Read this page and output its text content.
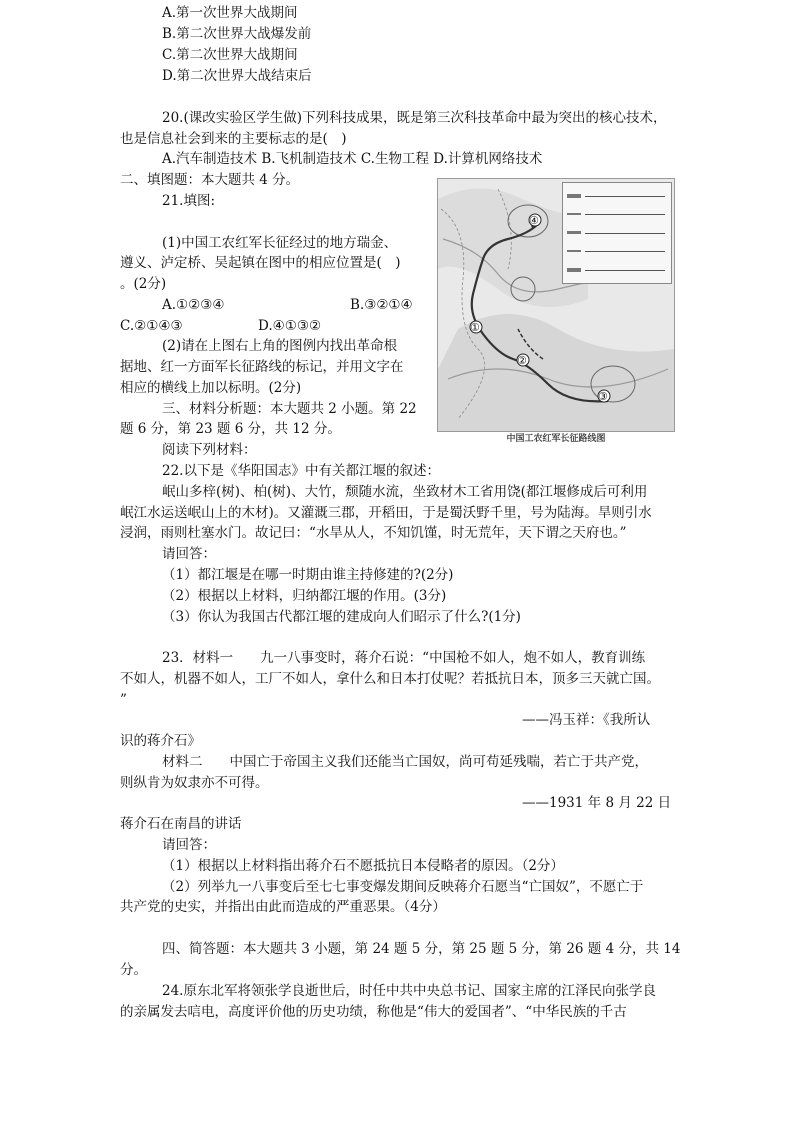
A.第一次世界大战期间
B.第二次世界大战爆发前
C.第二次世界大战期间
D.第二次世界大战结束后
20.(课改实验区学生做)下列科技成果，既是第三次科技革命中最为突出的核心技术，
也是信息社会到来的主要标志的是(　)
A.汽车制造技术 B.飞机制造技术 C.生物工程 D.计算机网络技术
二、填图题：本大题共 4 分。
21.填图:
(1)中国工农红军长征经过的地方瑞金、
遵义、泸定桥、吴起镇在图中的相应位置是(　)
。(2分)
A.①②③④	B.③②①④
C.②①④③	D.④①③②
(2)请在上图右上角的图例内找出革命根
据地、红一方面军长征路线的标记，并用文字在
相应的横线上加以标明。(2分)
三、材料分析题：本大题共 2 小题。第 22
题 6 分，第 23 题 6 分，共 12 分。
阅读下列材料：
22.以下是《华阳国志》中有关都江堰的叙述：
岷山多梓(树)、柏(树)、大竹，颓随水流，坐致材木工省用饶(都江堰修成后可利用
岷江水运送岷山上的木材)。又灌溉三郡，开稻田，于是蜀沃野千里，号为陆海。旱则引水
浸润，雨则杜塞水门。故记曰：“水旱从人，不知饥馑，时无荒年，天下谓之天府也。”
请回答：
（1）都江堰是在哪一时期由谁主持修建的?(2分)
（2）根据以上材料，归纳都江堰的作用。(3分)
（3）你认为我国古代都江堰的建成向人们昭示了什么?(1分)
23．材料一　　九一八事变时，蒋介石说：“中国枪不如人，炮不如人，教育训练
不如人，机器不如人，工厂不如人，拿什么和日本打仗呢？若抵抗日本，顶多三天就亡国。
”
——冯玉祥：《我所认
识的蒋介石》
材料二　　中国亡于帝国主义我们还能当亡国奴，尚可苟延残喘，若亡于共产党，
则纵肯为奴隶亦不可得。
——1931 年 8 月 22 日
蒋介石在南昌的讲话
请回答：
（1）根据以上材料指出蒋介石不愿抵抗日本侵略者的原因。（2分）
（2）列举九一八事变后至七七事变爆发期间反映蒋介石愿当“亡国奴”，不愿亡于
共产党的史实，并指出由此而造成的严重恶果。（4分）
四、简答题：本大题共 3 小题，第 24 题 5 分，第 25 题 5 分，第 26 题 4 分，共 14
分。
24.原东北军将领张学良逝世后，时任中共中央总书记、国家主席的江泽民向张学良
的亲属发去唁电，高度评价他的历史功绩，称他是“伟大的爱国者”、“中华民族的千古
①
②
③
④
中国工农红军长征路线图
